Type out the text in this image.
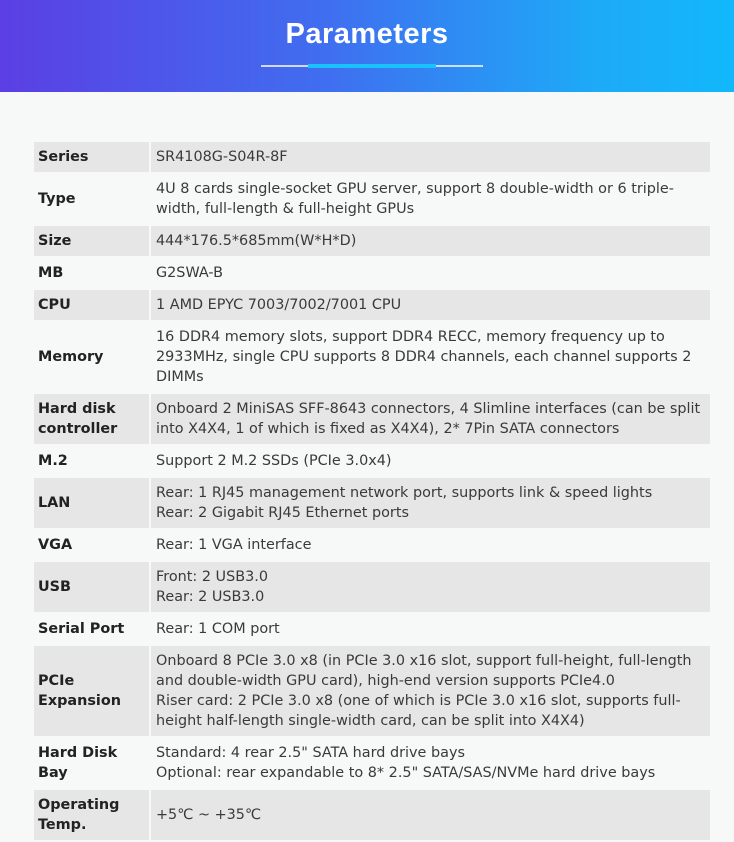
Parameters
Series	SR4108G-S04R-8F

Type	4U 8 cards single-socket GPU server, support 8 double-width or 6 triple-width, full-length & full-height GPUs

Size	444*176.5*685mm(W*H*D)

MB	G2SWA-B

CPU	1 AMD EPYC 7003/7002/7001 CPU

Memory	16 DDR4 memory slots, support DDR4 RECC, memory frequency up to 2933MHz, single CPU supports 8 DDR4 channels, each channel supports 2 DIMMs

Hard disk controller	Onboard 2 MiniSAS SFF-8643 connectors, 4 Slimline interfaces (can be split into X4X4, 1 of which is fixed as X4X4), 2* 7Pin SATA connectors

M.2	Support 2 M.2 SSDs (PCIe 3.0x4)

LAN	Rear: 1 RJ45 management network port, supports link & speed lights
Rear: 2 Gigabit RJ45 Ethernet ports

VGA	Rear: 1 VGA interface

USB	Front: 2 USB3.0
Rear: 2 USB3.0

Serial Port	Rear: 1 COM port

PCIe Expansion	Onboard 8 PCIe 3.0 x8 (in PCIe 3.0 x16 slot, support full-height, full-length and double-width GPU card), high-end version supports PCIe4.0
Riser card: 2 PCIe 3.0 x8 (one of which is PCIe 3.0 x16 slot, supports full-height half-length single-width card, can be split into X4X4)

Hard Disk Bay	Standard: 4 rear 2.5" SATA hard drive bays
Optional: rear expandable to 8* 2.5" SATA/SAS/NVMe hard drive bays

Operating Temp.	+5℃ ~ +35℃
